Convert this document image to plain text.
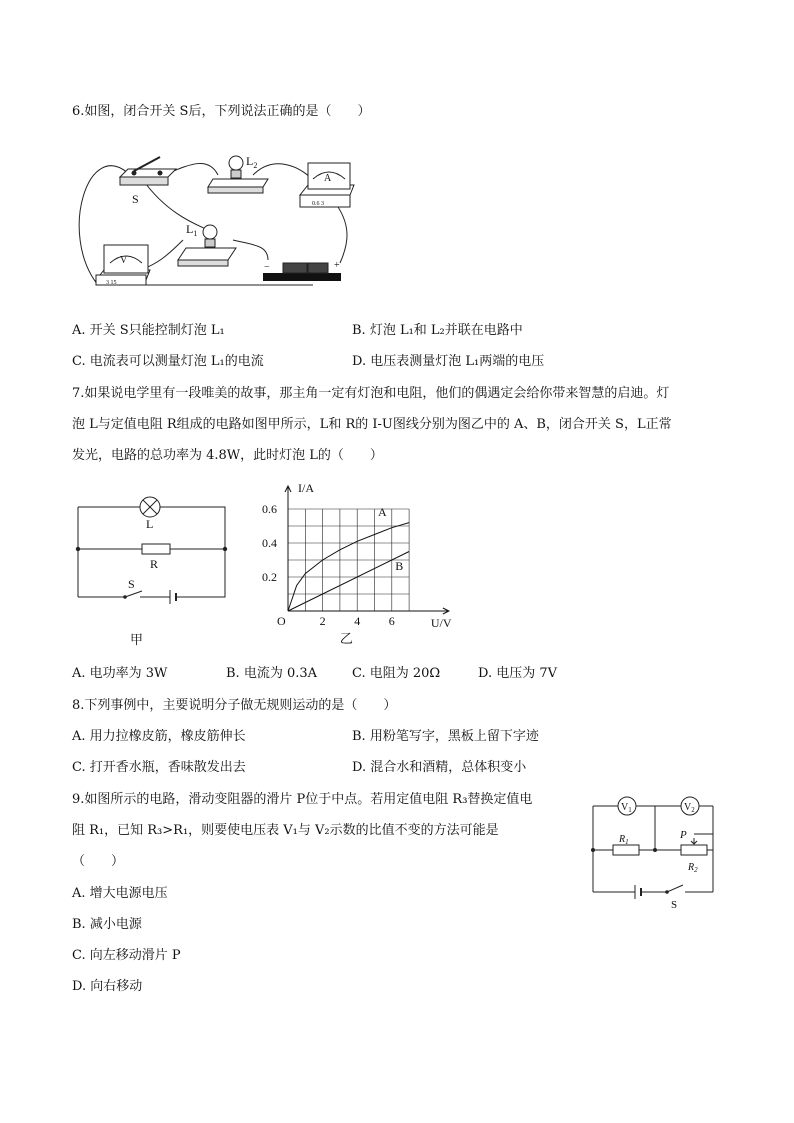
6.如图，闭合开关 S后，下列说法正确的是（　　）
S
$L_2$
A
0.6 3
$L_1$
V
3 15
−	+
A. 开关 S只能控制灯泡 L₁	B. 灯泡 L₁和 L₂并联在电路中
C. 电流表可以测量灯泡 L₁的电流	D. 电压表测量灯泡 L₁两端的电压
7.如果说电学里有一段唯美的故事，那主角一定有灯泡和电阻，他们的偶遇定会给你带来智慧的启迪。灯
泡 L与定值电阻 R组成的电路如图甲所示，L和 R的 I-U图线分别为图乙中的 A、B，闭合开关 S，L正常
发光，电路的总功率为 4.8W，此时灯泡 L的（　　）
L
R
S
甲
I/A
U/V
O	2 4 6
0.2
0.4
0.6	A
B
乙
A. 电功率为 3W	B. 电流为 0.3A	C. 电阻为 20Ω	D. 电压为 7V
8.下列事例中，主要说明分子做无规则运动的是（　　）
A. 用力拉橡皮筋，橡皮筋伸长	B. 用粉笔写字，黑板上留下字迹
C. 打开香水瓶，香味散发出去	D. 混合水和酒精，总体积变小
9.如图所示的电路，滑动变阻器的滑片 P位于中点。若用定值电阻 R₃替换定值电
阻 R₁，已知 R₃>R₁，则要使电压表 V₁与 V₂示数的比值不变的方法可能是
（　　）
$V_1$	$V_2$
$R_1$
P
$R_2$
S
A. 增大电源电压
B. 减小电源
C. 向左移动滑片 P
D. 向右移动
